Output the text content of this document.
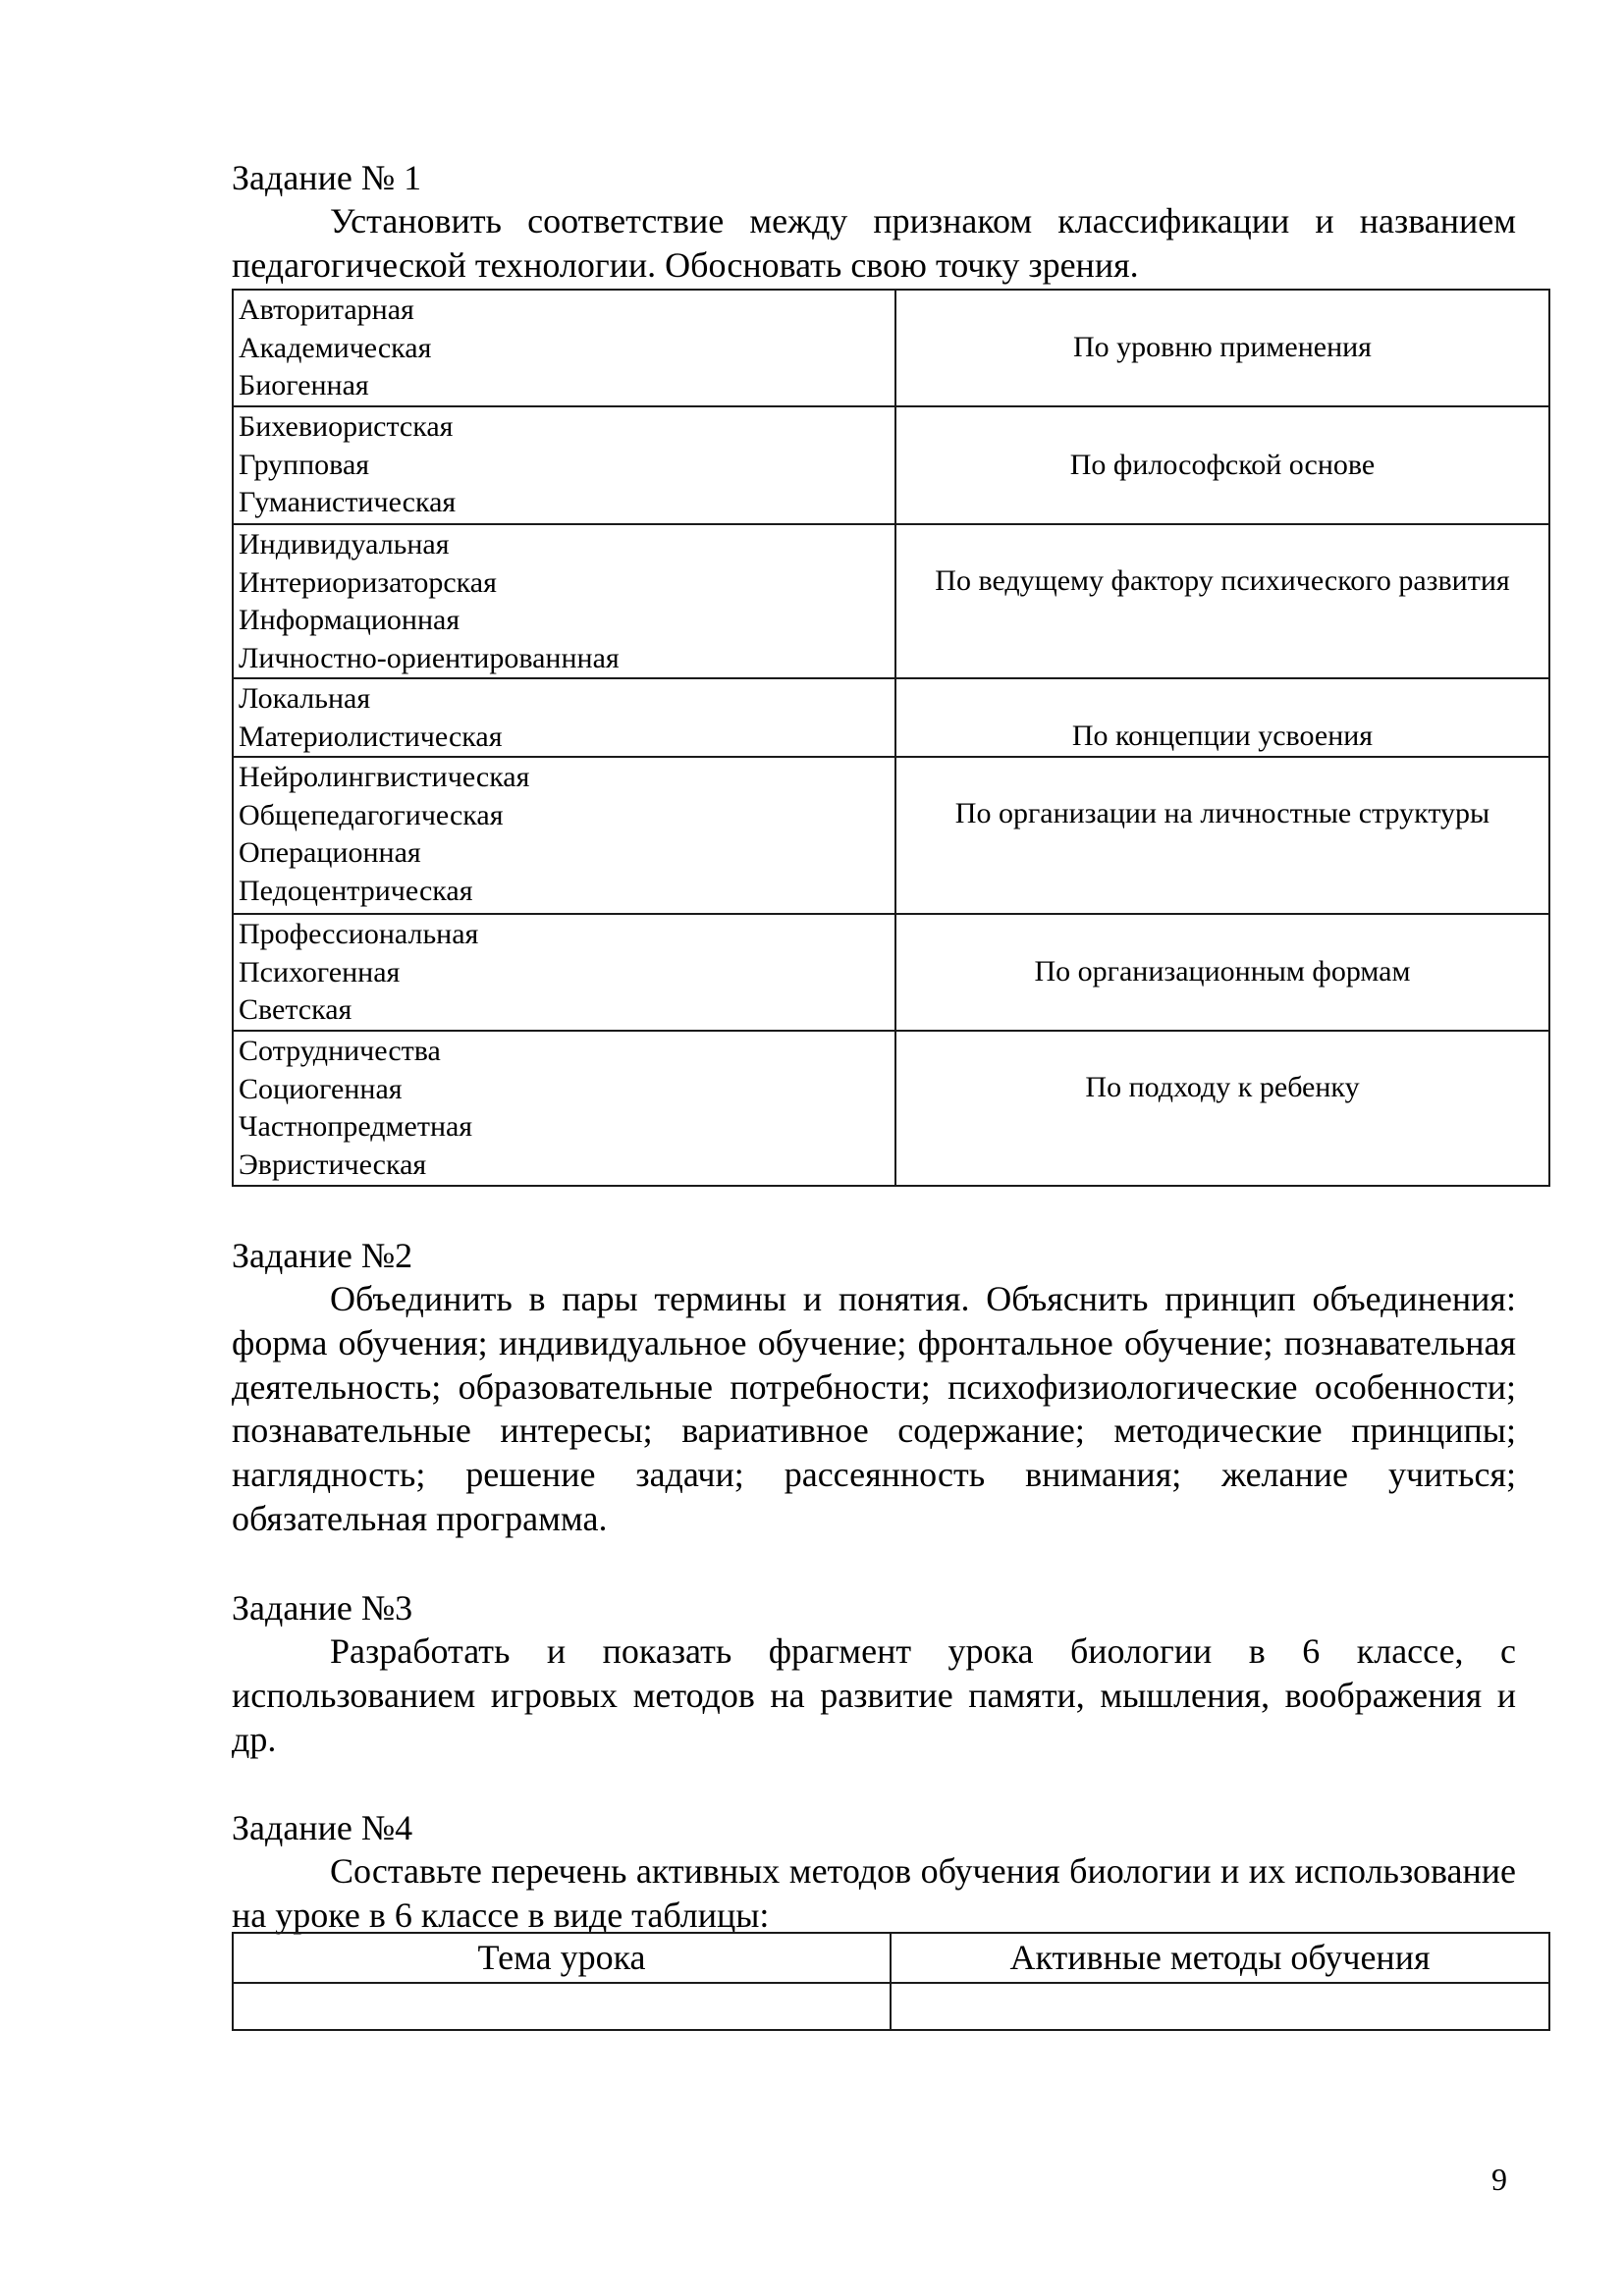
Задание № 1
Установить соответствие между признаком классификации и названием педагогической технологии. Обосновать свою точку зрения.
Авторитарная
Академическая
Биогенная	По уровню применения

Бихевиористская
Групповая
Гуманистическая	По философской основе

Индивидуальная
Интериоризаторская
Информационная
Личностно-ориентированнная	По ведущему фактору психического развития

Локальная
Материолистическая	По концепции усвоения

Нейролингвистическая
Общепедагогическая
Операционная
Педоцентрическая	По организации на личностные структуры

Профессиональная
Психогенная
Светская	По организационным формам

Сотрудничества
Социогенная
Частнопредметная
Эвристическая	По подходу к ребенку
Задание №2
Объединить в пары термины и понятия. Объяснить принцип объединения: форма обучения; индивидуальное обучение; фронтальное обучение; познавательная деятельность; образовательные потребности; психофизиологические особенности; познавательные интересы; вариативное содержание; методические принципы; наглядность; решение задачи; рассеянность внимания; желание учиться; обязательная программа.
Задание №3
Разработать и показать фрагмент урока биологии в 6 классе, с использованием игровых методов на развитие памяти, мышления, воображения и др.
Задание №4
Составьте перечень активных методов обучения биологии и их использование на уроке в 6 классе в виде таблицы:
Тема урока	Активные методы обучения

9
